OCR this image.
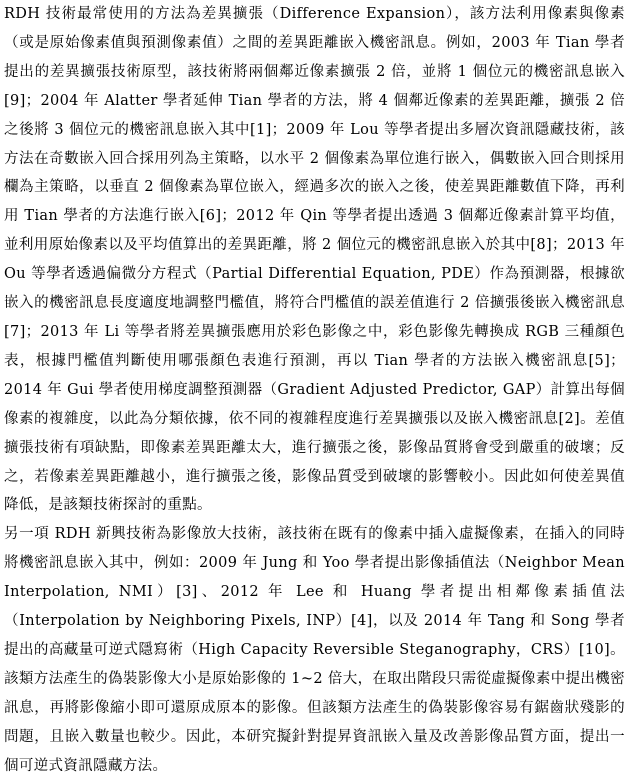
RDH 技術最常使用的方法為差異擴張（Difference Expansion），該方法利用像素與像素（或是原始像素值與預測像素值）之間的差異距離嵌入機密訊息。例如，2003 年 Tian 學者提出的差異擴張技術原型，該技術將兩個鄰近像素擴張 2 倍，並將 1 個位元的機密訊息嵌入[9]；2004 年 Alatter 學者延伸 Tian 學者的方法，將 4 個鄰近像素的差異距離，擴張 2 倍之後將 3 個位元的機密訊息嵌入其中[1]；2009 年 Lou 等學者提出多層次資訊隱藏技術，該方法在奇數嵌入回合採用列為主策略，以水平 2 個像素為單位進行嵌入，偶數嵌入回合則採用欄為主策略，以垂直 2 個像素為單位嵌入，經過多次的嵌入之後，使差異距離數值下降，再利用 Tian 學者的方法進行嵌入[6]；2012 年 Qin 等學者提出透過 3 個鄰近像素計算平均值，並利用原始像素以及平均值算出的差異距離，將 2 個位元的機密訊息嵌入於其中[8]；2013 年 Ou 等學者透過偏微分方程式（Partial Differential Equation, PDE）作為預測器，根據欲嵌入的機密訊息長度適度地調整門檻值，將符合門檻值的誤差值進行 2 倍擴張後嵌入機密訊息[7]；2013 年 Li 等學者將差異擴張應用於彩色影像之中，彩色影像先轉換成 RGB 三種顏色表，根據門檻值判斷使用哪張顏色表進行預測，再以 Tian 學者的方法嵌入機密訊息[5]；2014 年 Gui 學者使用梯度調整預測器（Gradient Adjusted Predictor, GAP）計算出每個像素的複雜度，以此為分類依據，依不同的複雜程度進行差異擴張以及嵌入機密訊息[2]。差值擴張技術有項缺點，即像素差異距離太大，進行擴張之後，影像品質將會受到嚴重的破壞；反之，若像素差異距離越小，進行擴張之後，影像品質受到破壞的影響較小。因此如何使差異值降低，是該類技術探討的重點。

另一項 RDH 新興技術為影像放大技術，該技術在既有的像素中插入虛擬像素，在插入的同時將機密訊息嵌入其中，例如：2009 年 Jung 和 Yoo 學者提出影像插值法（Neighbor Mean Interpolation, NMI）[3]、2012 年 Lee 和 Huang 學者提出相鄰像素插值法（Interpolation by Neighboring Pixels, INP）[4]，以及 2014 年 Tang 和 Song 學者提出的高藏量可逆式隱寫術（High Capacity Reversible Steganography，CRS）[10]。該類方法產生的偽裝影像大小是原始影像的 1~2 倍大，在取出階段只需從虛擬像素中提出機密訊息，再將影像縮小即可還原成原本的影像。但該類方法產生的偽裝影像容易有鋸齒狀殘影的問題，且嵌入數量也較少。因此，本研究擬針對提昇資訊嵌入量及改善影像品質方面，提出一個可逆式資訊隱藏方法。
